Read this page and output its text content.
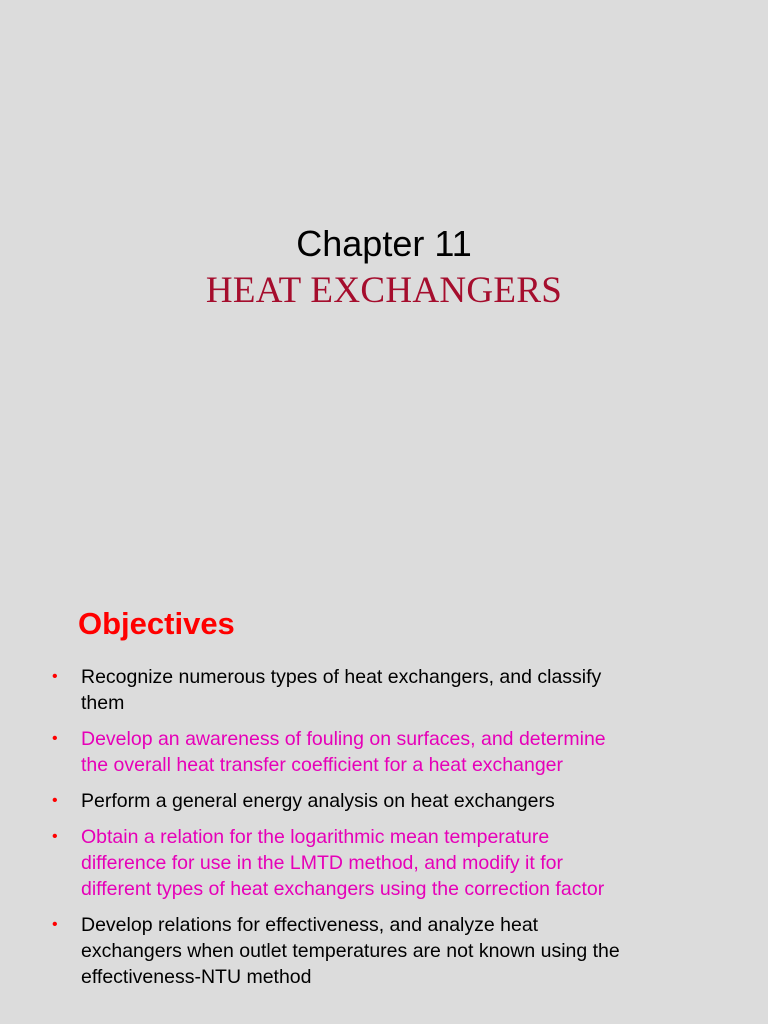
Chapter 11
HEAT EXCHANGERS
Objectives
• Recognize numerous types of heat exchangers, and classify them
• Develop an awareness of fouling on surfaces, and determine the overall heat transfer coefficient for a heat exchanger
• Perform a general energy analysis on heat exchangers
• Obtain a relation for the logarithmic mean temperature difference for use in the LMTD method, and modify it for different types of heat exchangers using the correction factor
• Develop relations for effectiveness, and analyze heat exchangers when outlet temperatures are not known using the effectiveness-NTU method
